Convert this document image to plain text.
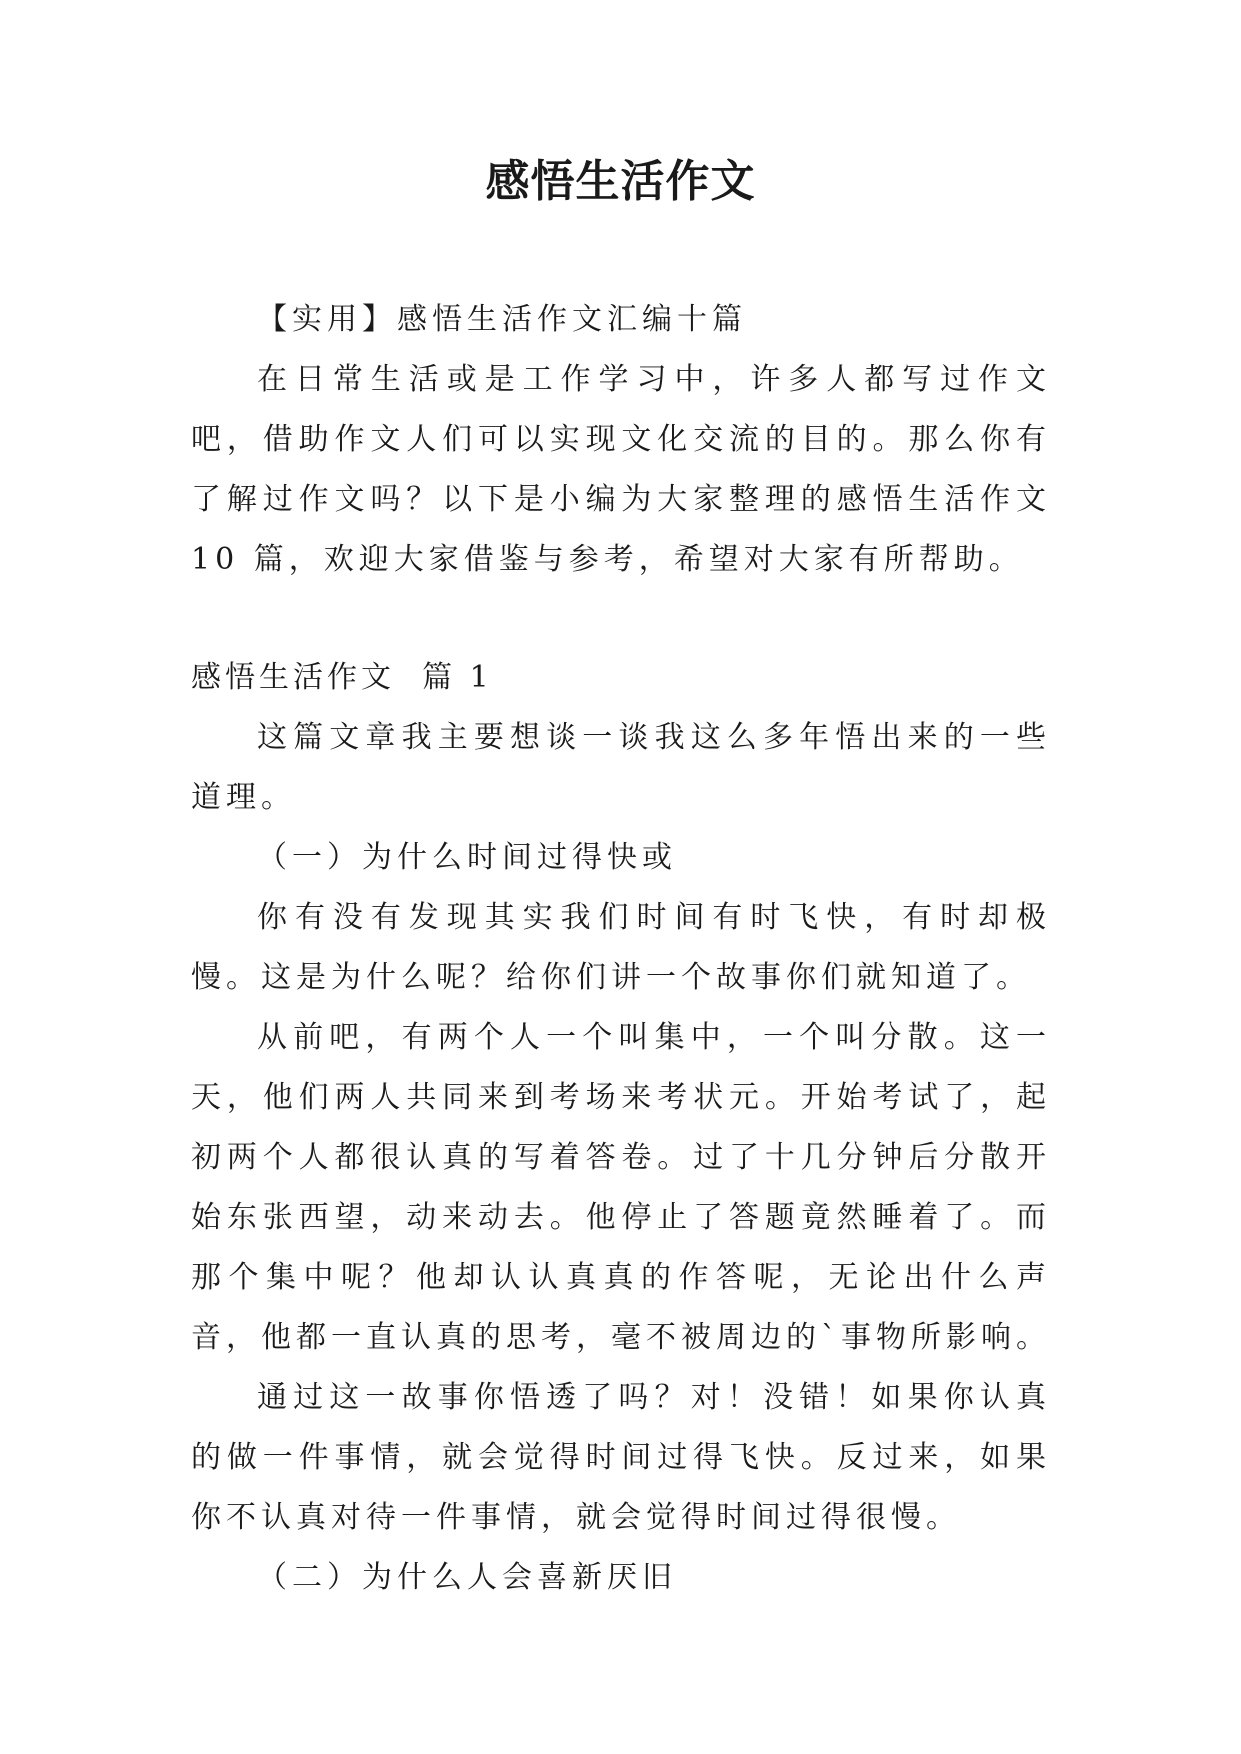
感悟生活作文

【实用】感悟生活作文汇编十篇

在日常生活或是工作学习中，许多人都写过作文吧，借助作文人们可以实现文化交流的目的。那么你有了解过作文吗？以下是小编为大家整理的感悟生活作文 10 篇，欢迎大家借鉴与参考，希望对大家有所帮助。

感悟生活作文  篇 1

这篇文章我主要想谈一谈我这么多年悟出来的一些道理。

（一）为什么时间过得快或

你有没有发现其实我们时间有时飞快，有时却极慢。这是为什么呢？给你们讲一个故事你们就知道了。

从前吧，有两个人一个叫集中，一个叫分散。这一天，他们两人共同来到考场来考状元。开始考试了，起初两个人都很认真的写着答卷。过了十几分钟后分散开始东张西望，动来动去。他停止了答题竟然睡着了。而那个集中呢？他却认认真真的作答呢，无论出什么声音，他都一直认真的思考，毫不被周边的`事物所影响。

通过这一故事你悟透了吗？对！没错！如果你认真的做一件事情，就会觉得时间过得飞快。反过来，如果你不认真对待一件事情，就会觉得时间过得很慢。

（二）为什么人会喜新厌旧
